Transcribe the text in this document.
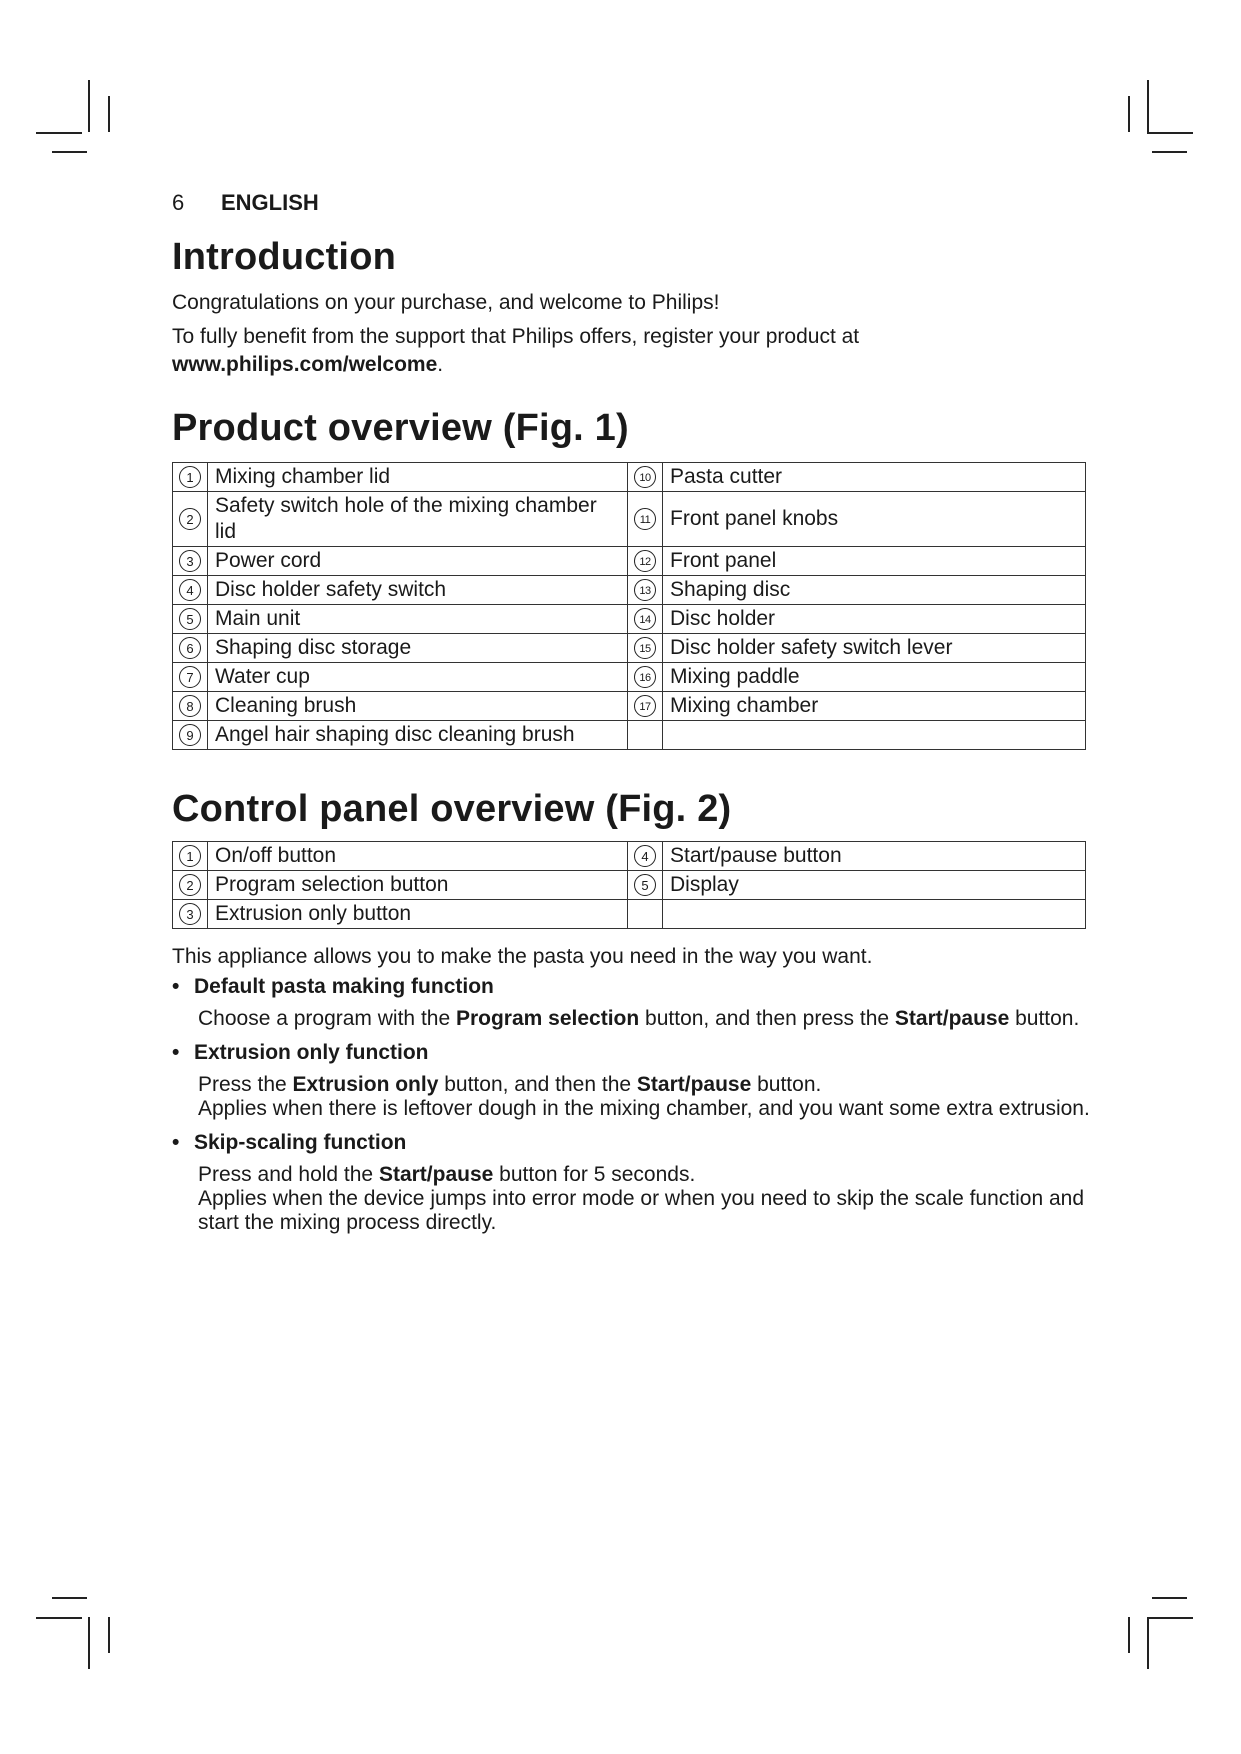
6	ENGLISH
Introduction

Congratulations on your purchase, and welcome to Philips!

To fully benefit from the support that Philips offers, register your product at
www.philips.com/welcome.

Product overview (Fig. 1)
1	Mixing chamber lid	10	Pasta cutter
2	Safety switch hole of the mixing chamber lid	11	Front panel knobs
3	Power cord	12	Front panel
4	Disc holder safety switch	13	Shaping disc
5	Main unit	14	Disc holder
6	Shaping disc storage	15	Disc holder safety switch lever
7	Water cup	16	Mixing paddle
8	Cleaning brush	17	Mixing chamber
9	Angel hair shaping disc cleaning brush		
Control panel overview (Fig. 2)
1	On/off button	4	Start/pause button
2	Program selection button	5	Display
3	Extrusion only button		

This appliance allows you to make the pasta you need in the way you want.

• Default pasta making function

Choose a program with the Program selection button, and then press the Start/pause button.

• Extrusion only function

Press the Extrusion only button, and then the Start/pause button.

Applies when there is leftover dough in the mixing chamber, and you want some extra extrusion.

• Skip-scaling function

Press and hold the Start/pause button for 5 seconds.

Applies when the device jumps into error mode or when you need to skip the scale function and start the mixing process directly.
